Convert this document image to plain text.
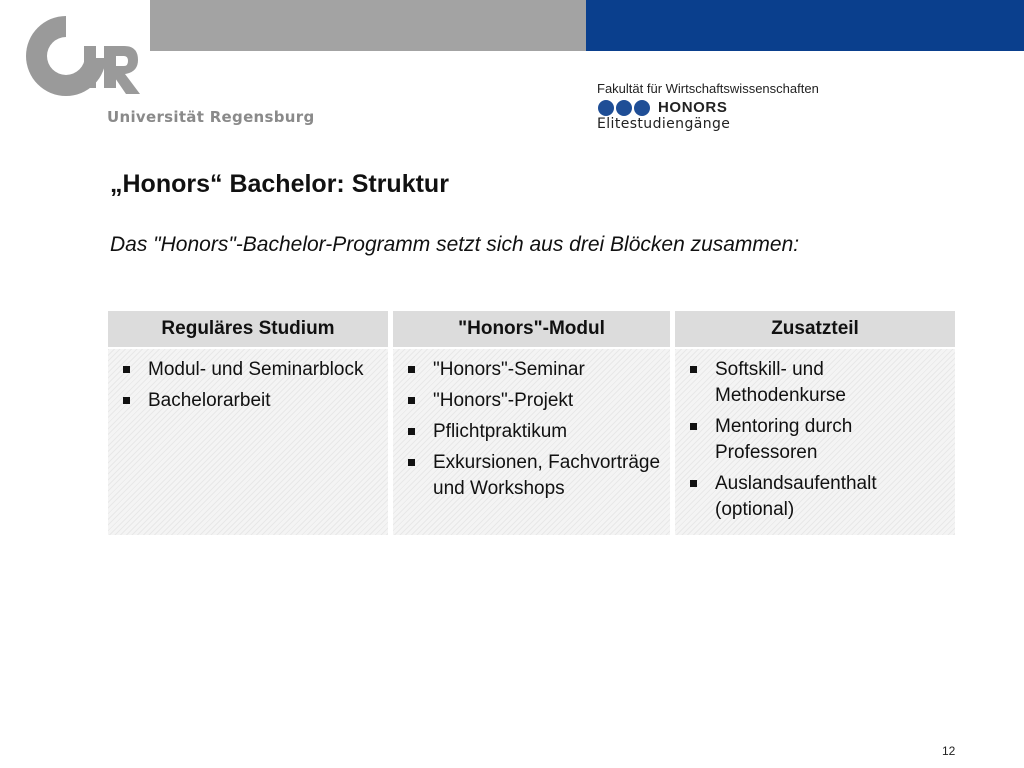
Universität Regensburg
Fakultät für Wirtschaftswissenschaften
HONORS
Elitestudiengänge
„Honors“ Bachelor: Struktur
Das "Honors"-Bachelor-Programm setzt sich aus drei Blöcken zusammen:
Reguläres Studium
Modul- und Seminarblock
Bachelorarbeit
"Honors"-Modul
"Honors"-Seminar
"Honors"-Projekt
Pflichtpraktikum
Exkursionen, Fachvorträge und Workshops
Zusatzteil
Softskill- und Methodenkurse
Mentoring durch Professoren
Auslandsaufenthalt (optional)
12
